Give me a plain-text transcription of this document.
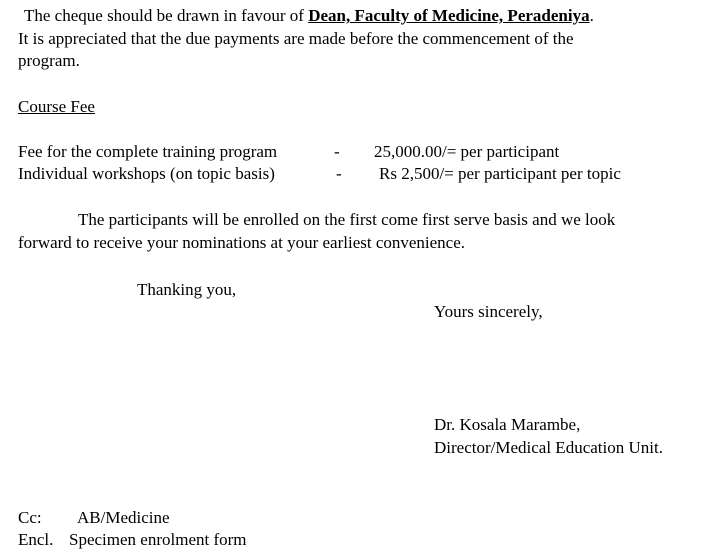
The cheque should be drawn in favour of Dean, Faculty of Medicine, Peradeniya.
It is appreciated that the due payments are made before the commencement of the
program.
Course Fee
Fee for the complete training program	- 25,000.00/= per participant
Individual workshops (on topic basis)	- Rs 2,500/= per participant per topic
The participants will be enrolled on the first come first serve basis and we look
forward to receive your nominations at your earliest convenience.
Thanking you,
Yours sincerely,
Dr. Kosala Marambe,
Director/Medical Education Unit.
Cc: AB/Medicine
Encl. Specimen enrolment form
